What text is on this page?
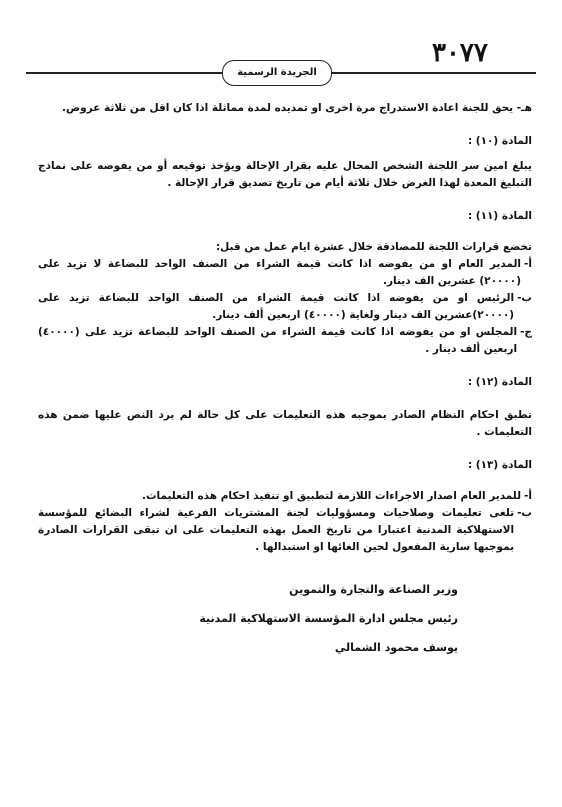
٣٠٧٧
الجريدة الرسمية

هـ- يحق للجنة اعادة الاستدراج مرة اخرى او تمديده لمدة مماثلة اذا كان اقل من ثلاثة عروض.

المادة (١٠) :

يبلغ امين سر اللجنة الشخص المحال عليه بقرار الإحالة ويؤخذ توقيعه أو من يفوضه على نماذج التبليغ المعدة لهذا الغرض خلال ثلاثة أيام من تاريخ تصديق قرار الإحالة .

المادة (١١) :

تخضع قرارات اللجنة للمصادقة خلال عشرة ايام عمل من قبل:

أ-
المدير العام او من يفوضه اذا كانت قيمة الشراء من الصنف الواحد للبضاعة لا تزيد على (٢٠٠٠٠) عشرين الف دينار.
ب-
الرئيس او من يفوضه اذا كانت قيمة الشراء من الصنف الواحد للبضاعة تزيد على (٢٠٠٠٠)عشرين الف دينار ولغاية (٤٠٠٠٠) اربعين ألف دينار.
ج-
المجلس او من يفوضه اذا كانت قيمة الشراء من الصنف الواحد للبضاعة تزيد على (٤٠٠٠٠) اربعين ألف دينار .

المادة (١٢) :

تطبق احكام النظام الصادر بموجبه هذه التعليمات على كل حالة لم يرد النص عليها ضمن هذه التعليمات .

المادة (١٣) :

أ-
للمدير العام اصدار الاجراءات اللازمة لتطبيق او تنفيذ احكام هذه التعليمات.
ب-
تلغى تعليمات وصلاحيات ومسؤوليات لجنة المشتريات الفرعية لشراء البضائع للمؤسسة الاستهلاكية المدنية اعتبارا من تاريخ العمل بهذه التعليمات على ان تبقى القرارات الصادرة بموجبها سارية المفعول لحين الغائها او استبدالها .
وزير الصناعة والتجارة والتموين
رئيس مجلس ادارة المؤسسة الاستهلاكية المدنية
يوسف محمود الشمالي
